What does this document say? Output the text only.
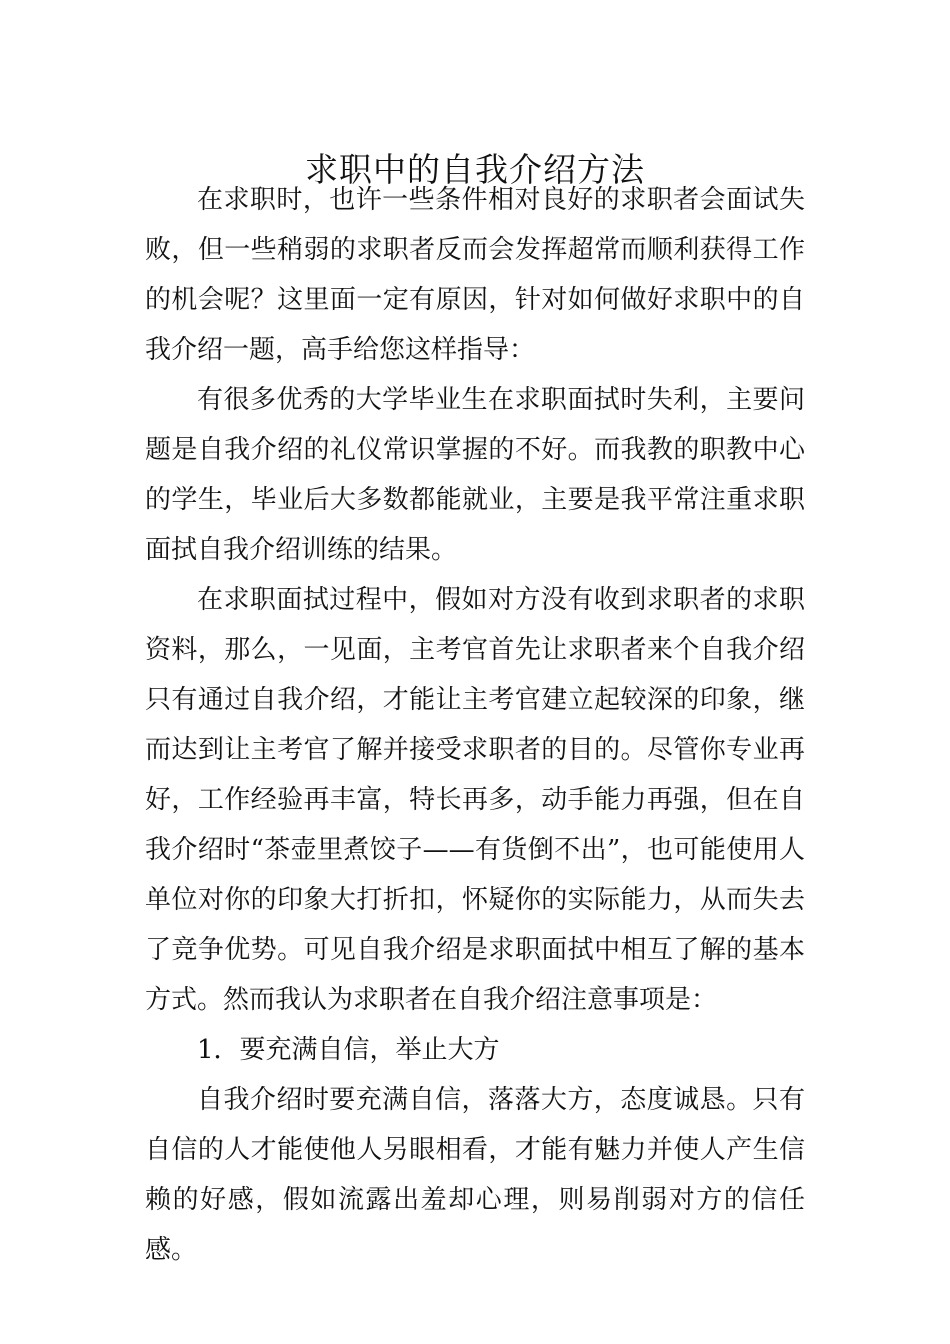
求职中的自我介绍方法

在求职时，也许一些条件相对良好的求职者会面试失败，但一些稍弱的求职者反而会发挥超常而顺利获得工作的机会呢？这里面一定有原因，针对如何做好求职中的自我介绍一题，高手给您这样指导：

有很多优秀的大学毕业生在求职面拭时失利，主要问题是自我介绍的礼仪常识掌握的不好。而我教的职教中心的学生，毕业后大多数都能就业，主要是我平常注重求职面拭自我介绍训练的结果。

在求职面拭过程中，假如对方没有收到求职者的求职资料，那么，一见面，主考官首先让求职者来个自我介绍只有通过自我介绍，才能让主考官建立起较深的印象，继而达到让主考官了解并接受求职者的目的。尽管你专业再好，工作经验再丰富，特长再多，动手能力再强，但在自我介绍时“茶壶里煮饺子——有货倒不出”，也可能使用人单位对你的印象大打折扣，怀疑你的实际能力，从而失去了竞争优势。可见自我介绍是求职面拭中相互了解的基本方式。然而我认为求职者在自我介绍注意事项是：

1．要充满自信，举止大方

自我介绍时要充满自信，落落大方，态度诚恳。只有自信的人才能使他人另眼相看，才能有魅力并使人产生信赖的好感，假如流露出羞却心理，则易削弱对方的信任感。
